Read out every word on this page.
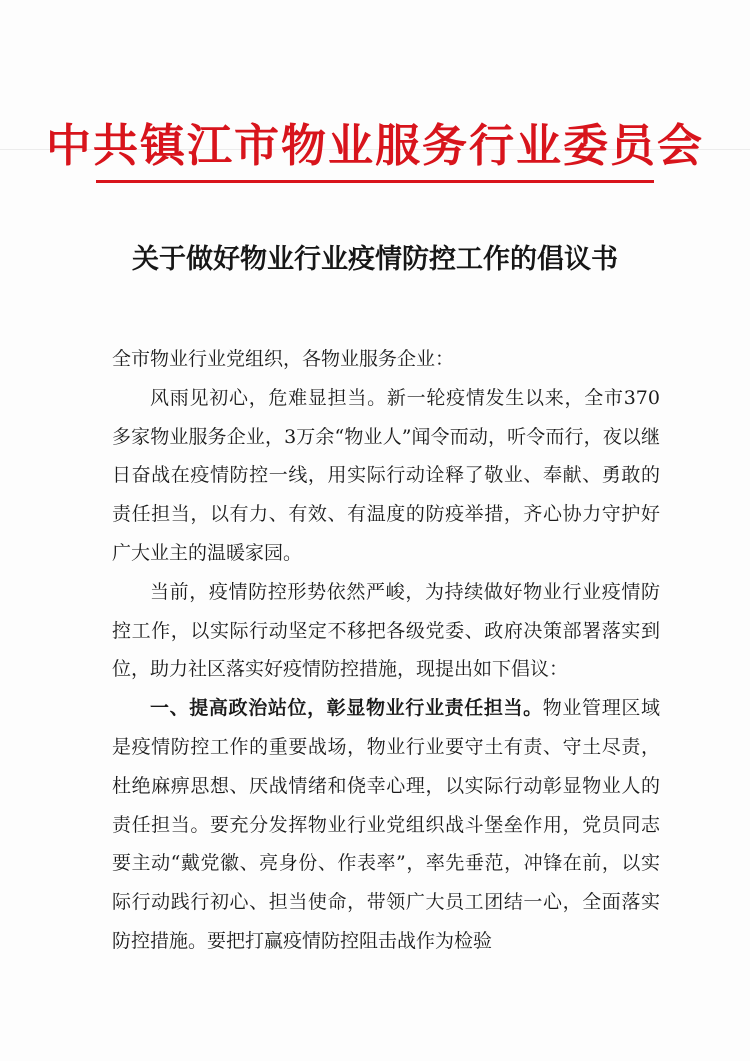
中共镇江市物业服务行业委员会
关于做好物业行业疫情防控工作的倡议书

全市物业行业党组织，各物业服务企业：

风雨见初心，危难显担当。新一轮疫情发生以来，全市370多家物业服务企业，3万余“物业人”闻令而动，听令而行，夜以继日奋战在疫情防控一线，用实际行动诠释了敬业、奉献、勇敢的责任担当，以有力、有效、有温度的防疫举措，齐心协力守护好广大业主的温暖家园。

当前，疫情防控形势依然严峻，为持续做好物业行业疫情防控工作，以实际行动坚定不移把各级党委、政府决策部署落实到位，助力社区落实好疫情防控措施，现提出如下倡议：

一、提高政治站位，彰显物业行业责任担当。物业管理区域是疫情防控工作的重要战场，物业行业要守土有责、守土尽责，杜绝麻痹思想、厌战情绪和侥幸心理，以实际行动彰显物业人的责任担当。要充分发挥物业行业党组织战斗堡垒作用，党员同志要主动“戴党徽、亮身份、作表率”，率先垂范，冲锋在前，以实际行动践行初心、担当使命，带领广大员工团结一心，全面落实防控措施。要把打赢疫情防控阻击战作为检验
